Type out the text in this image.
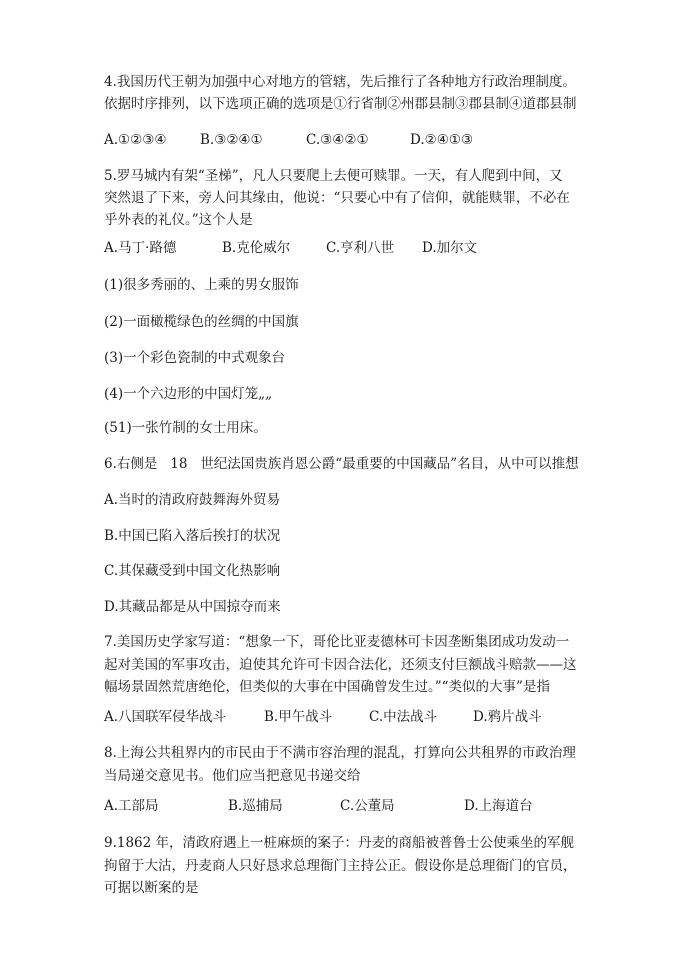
4.我国历代王朝为加强中心对地方的管辖，先后推行了各种地方行政治理制度。
依据时序排列，以下选项正确的选项是①行省制②州郡县制③郡县制④道郡县制
A.①②③④	B.③②④①	C.③④②①	D.②④①③
5.罗马城内有架“圣梯”，凡人只要爬上去便可赎罪。一天，有人爬到中间，又
突然退了下来，旁人问其缘由，他说：“只要心中有了信仰，就能赎罪，不必在
乎外表的礼仪。”这个人是
A.马丁·路德	B.克伦威尔	C.亨利八世	D.加尔文
(1)很多秀丽的、上乘的男女服饰
(2)一面橄榄绿色的丝绸的中国旗
(3)一个彩色瓷制的中式观象台
(4)一个六边形的中国灯笼„„
(51)一张竹制的女士用床。
6.右侧是   18   世纪法国贵族肖恩公爵“最重要的中国藏品”名目，从中可以推想
A.当时的清政府鼓舞海外贸易
B.中国已陷入落后挨打的状况
C.其保藏受到中国文化热影响
D.其藏品都是从中国掠夺而来
7.美国历史学家写道：“想象一下，哥伦比亚麦德林可卡因垄断集团成功发动一
起对美国的军事攻击，迫使其允许可卡因合法化，还须支付巨额战斗赔款——这
幅场景固然荒唐绝伦，但类似的大事在中国确曾发生过。”“类似的大事”是指
A.八国联军侵华战斗	B.甲午战斗	C.中法战斗	D.鸦片战斗
8.上海公共租界内的市民由于不满市容治理的混乱，打算向公共租界的市政治理
当局递交意见书。他们应当把意见书递交给
A.工部局	B.巡捕局	C.公董局	D.上海道台
9.1862 年，清政府遇上一桩麻烦的案子：丹麦的商船被普鲁士公使乘坐的军舰
拘留于大沽，丹麦商人只好恳求总理衙门主持公正。假设你是总理衙门的官员，
可据以断案的是
